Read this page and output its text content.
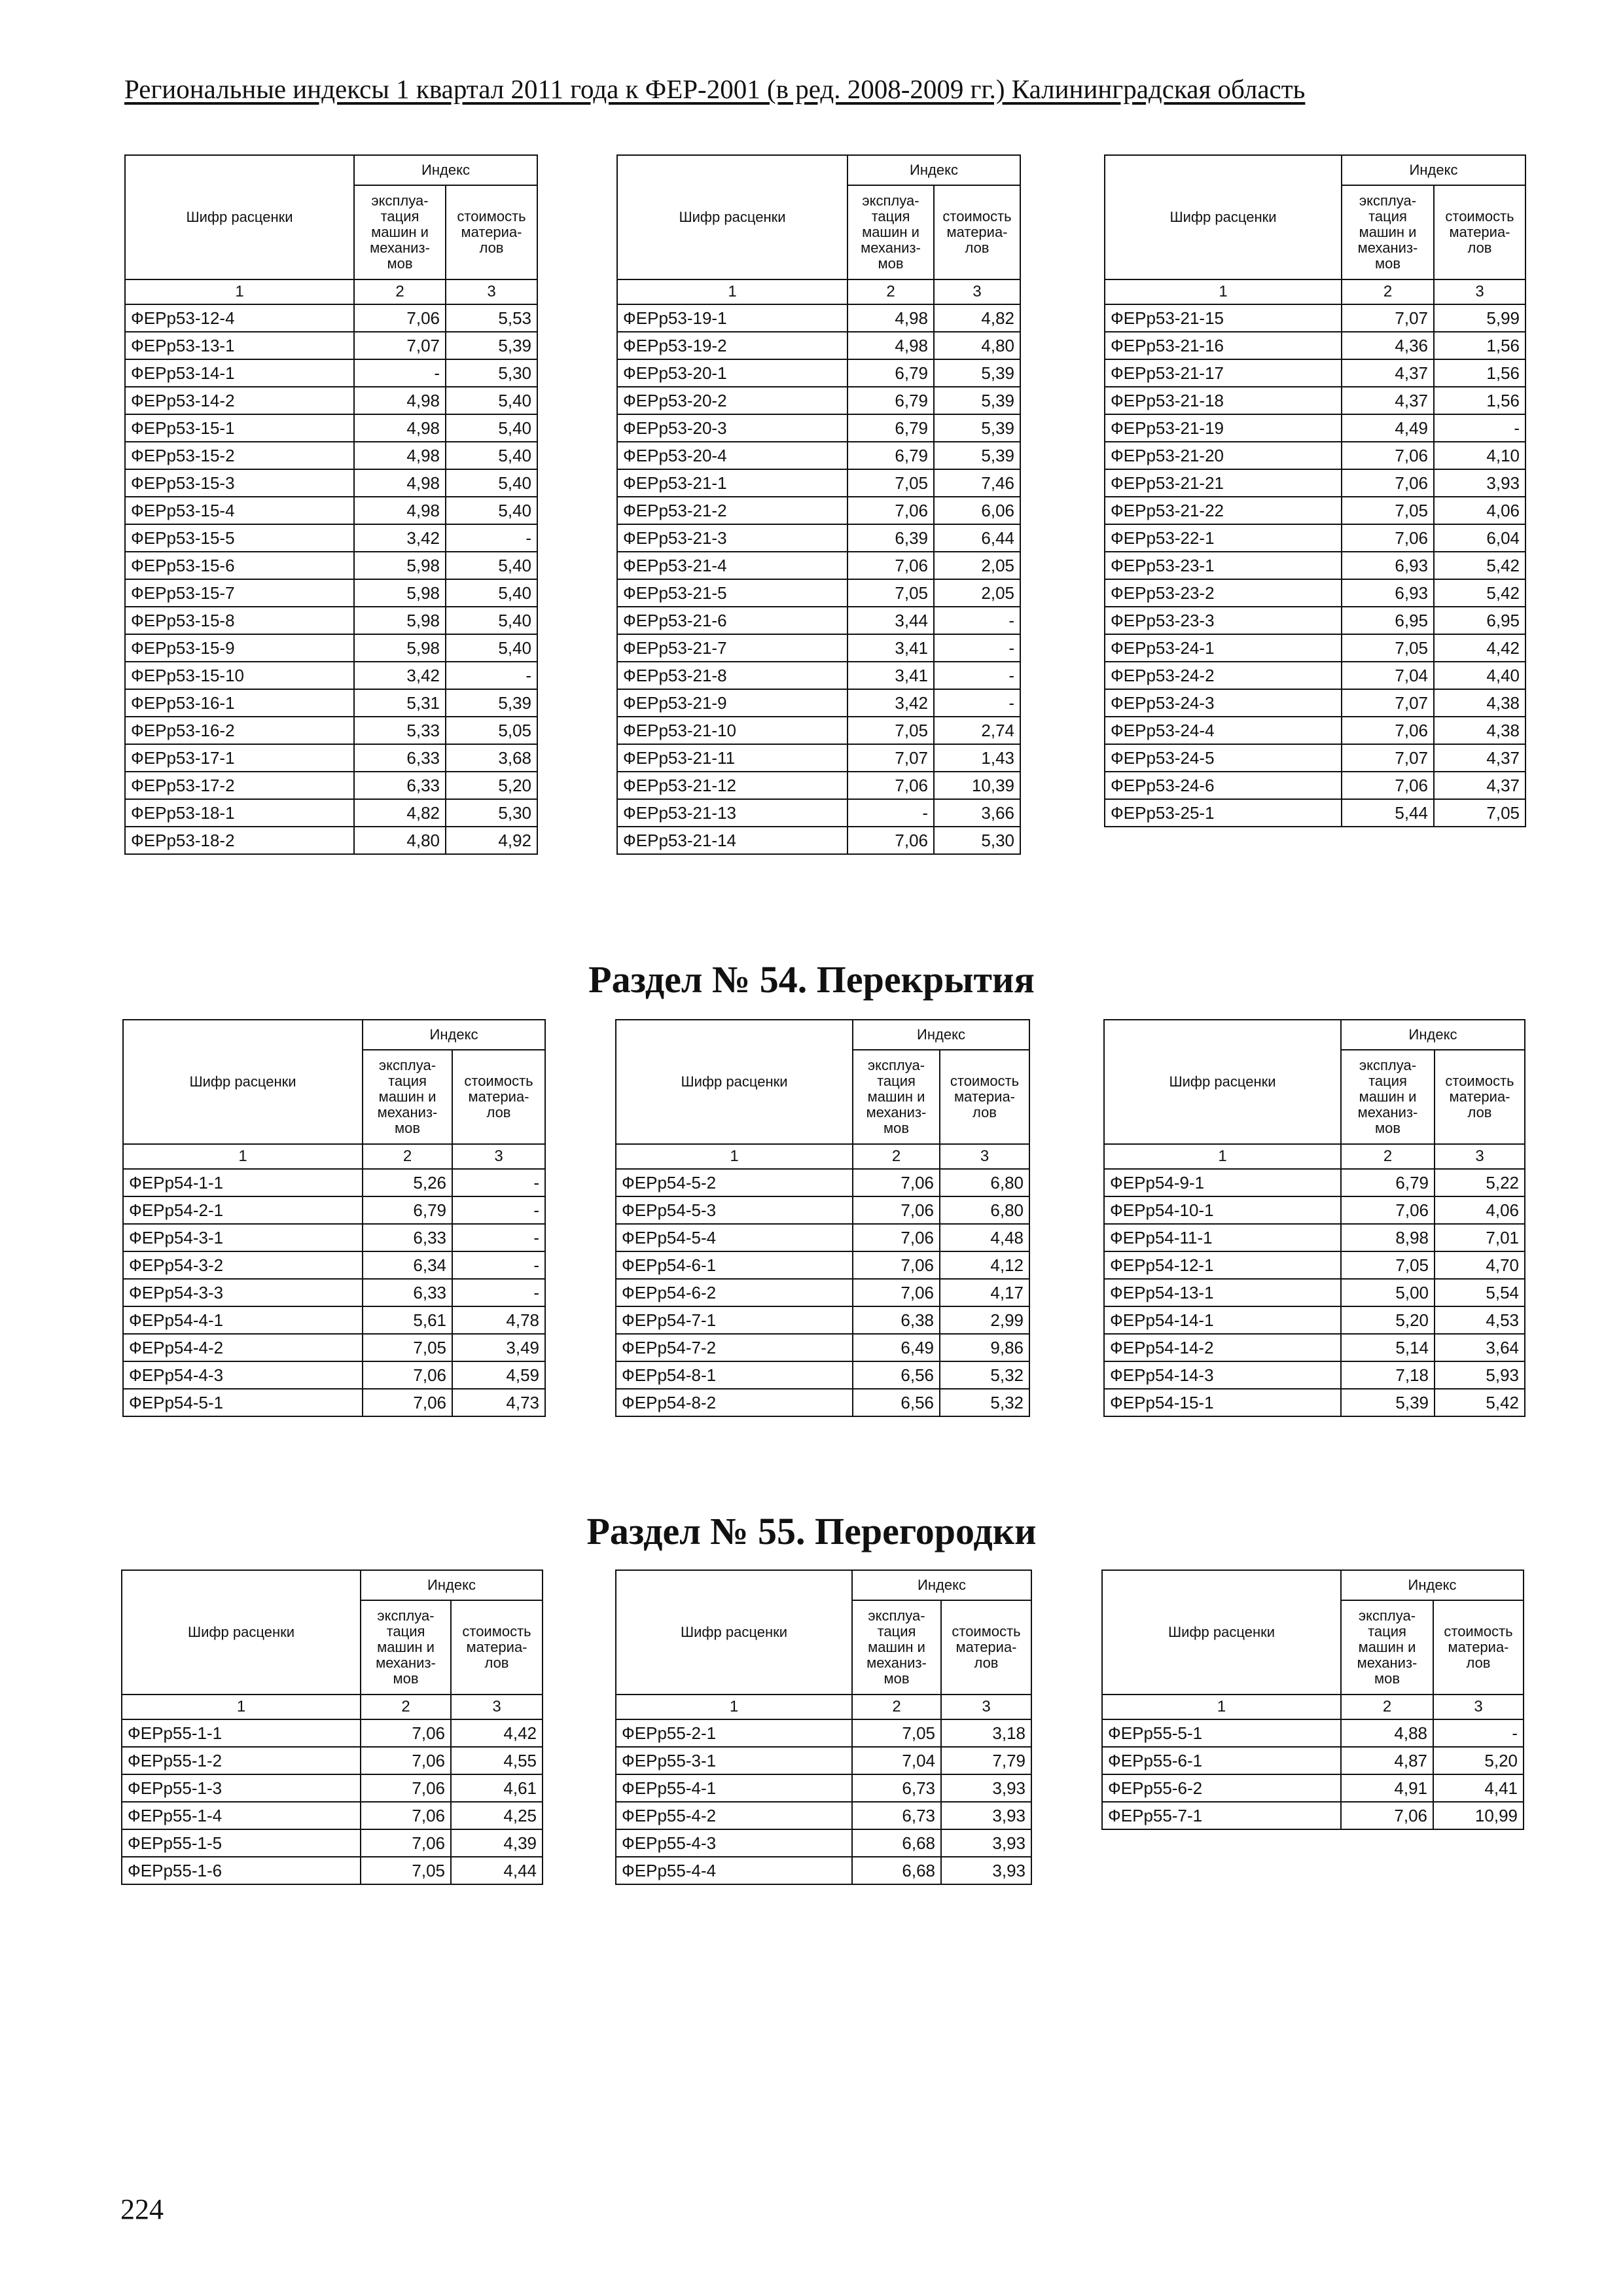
Региональные индексы 1 квартал 2011 года к ФЕР-2001 (в ред. 2008-2009 гг.) Калининградская область
Шифр расценки	Индекс	
	эксплуа-
тация
машин и
механиз-
мов	стоимость
материа-
лов
1	2	3
ФЕРр53-12-4	7,06	5,53
ФЕРр53-13-1	7,07	5,39
ФЕРр53-14-1	-	5,30
ФЕРр53-14-2	4,98	5,40
ФЕРр53-15-1	4,98	5,40
ФЕРр53-15-2	4,98	5,40
ФЕРр53-15-3	4,98	5,40
ФЕРр53-15-4	4,98	5,40
ФЕРр53-15-5	3,42	-
ФЕРр53-15-6	5,98	5,40
ФЕРр53-15-7	5,98	5,40
ФЕРр53-15-8	5,98	5,40
ФЕРр53-15-9	5,98	5,40
ФЕРр53-15-10	3,42	-
ФЕРр53-16-1	5,31	5,39
ФЕРр53-16-2	5,33	5,05
ФЕРр53-17-1	6,33	3,68
ФЕРр53-17-2	6,33	5,20
ФЕРр53-18-1	4,82	5,30
ФЕРр53-18-2	4,80	4,92
Шифр расценки	Индекс	
	эксплуа-
тация
машин и
механиз-
мов	стоимость
материа-
лов
1	2	3
ФЕРр53-19-1	4,98	4,82
ФЕРр53-19-2	4,98	4,80
ФЕРр53-20-1	6,79	5,39
ФЕРр53-20-2	6,79	5,39
ФЕРр53-20-3	6,79	5,39
ФЕРр53-20-4	6,79	5,39
ФЕРр53-21-1	7,05	7,46
ФЕРр53-21-2	7,06	6,06
ФЕРр53-21-3	6,39	6,44
ФЕРр53-21-4	7,06	2,05
ФЕРр53-21-5	7,05	2,05
ФЕРр53-21-6	3,44	-
ФЕРр53-21-7	3,41	-
ФЕРр53-21-8	3,41	-
ФЕРр53-21-9	3,42	-
ФЕРр53-21-10	7,05	2,74
ФЕРр53-21-11	7,07	1,43
ФЕРр53-21-12	7,06	10,39
ФЕРр53-21-13	-	3,66
ФЕРр53-21-14	7,06	5,30
Шифр расценки	Индекс	
	эксплуа-
тация
машин и
механиз-
мов	стоимость
материа-
лов
1	2	3
ФЕРр53-21-15	7,07	5,99
ФЕРр53-21-16	4,36	1,56
ФЕРр53-21-17	4,37	1,56
ФЕРр53-21-18	4,37	1,56
ФЕРр53-21-19	4,49	-
ФЕРр53-21-20	7,06	4,10
ФЕРр53-21-21	7,06	3,93
ФЕРр53-21-22	7,05	4,06
ФЕРр53-22-1	7,06	6,04
ФЕРр53-23-1	6,93	5,42
ФЕРр53-23-2	6,93	5,42
ФЕРр53-23-3	6,95	6,95
ФЕРр53-24-1	7,05	4,42
ФЕРр53-24-2	7,04	4,40
ФЕРр53-24-3	7,07	4,38
ФЕРр53-24-4	7,06	4,38
ФЕРр53-24-5	7,07	4,37
ФЕРр53-24-6	7,06	4,37
ФЕРр53-25-1	5,44	7,05
Шифр расценки	Индекс	
	эксплуа-
тация
машин и
механиз-
мов	стоимость
материа-
лов
1	2	3
ФЕРр54-1-1	5,26	-
ФЕРр54-2-1	6,79	-
ФЕРр54-3-1	6,33	-
ФЕРр54-3-2	6,34	-
ФЕРр54-3-3	6,33	-
ФЕРр54-4-1	5,61	4,78
ФЕРр54-4-2	7,05	3,49
ФЕРр54-4-3	7,06	4,59
ФЕРр54-5-1	7,06	4,73
Шифр расценки	Индекс	
	эксплуа-
тация
машин и
механиз-
мов	стоимость
материа-
лов
1	2	3
ФЕРр54-5-2	7,06	6,80
ФЕРр54-5-3	7,06	6,80
ФЕРр54-5-4	7,06	4,48
ФЕРр54-6-1	7,06	4,12
ФЕРр54-6-2	7,06	4,17
ФЕРр54-7-1	6,38	2,99
ФЕРр54-7-2	6,49	9,86
ФЕРр54-8-1	6,56	5,32
ФЕРр54-8-2	6,56	5,32
Шифр расценки	Индекс	
	эксплуа-
тация
машин и
механиз-
мов	стоимость
материа-
лов
1	2	3
ФЕРр54-9-1	6,79	5,22
ФЕРр54-10-1	7,06	4,06
ФЕРр54-11-1	8,98	7,01
ФЕРр54-12-1	7,05	4,70
ФЕРр54-13-1	5,00	5,54
ФЕРр54-14-1	5,20	4,53
ФЕРр54-14-2	5,14	3,64
ФЕРр54-14-3	7,18	5,93
ФЕРр54-15-1	5,39	5,42
Шифр расценки	Индекс	
	эксплуа-
тация
машин и
механиз-
мов	стоимость
материа-
лов
1	2	3
ФЕРр55-1-1	7,06	4,42
ФЕРр55-1-2	7,06	4,55
ФЕРр55-1-3	7,06	4,61
ФЕРр55-1-4	7,06	4,25
ФЕРр55-1-5	7,06	4,39
ФЕРр55-1-6	7,05	4,44
Шифр расценки	Индекс	
	эксплуа-
тация
машин и
механиз-
мов	стоимость
материа-
лов
1	2	3
ФЕРр55-2-1	7,05	3,18
ФЕРр55-3-1	7,04	7,79
ФЕРр55-4-1	6,73	3,93
ФЕРр55-4-2	6,73	3,93
ФЕРр55-4-3	6,68	3,93
ФЕРр55-4-4	6,68	3,93
Шифр расценки	Индекс	
	эксплуа-
тация
машин и
механиз-
мов	стоимость
материа-
лов
1	2	3
ФЕРр55-5-1	4,88	-
ФЕРр55-6-1	4,87	5,20
ФЕРр55-6-2	4,91	4,41
ФЕРр55-7-1	7,06	10,99
Раздел № 54. Перекрытия
Раздел № 55. Перегородки
224
